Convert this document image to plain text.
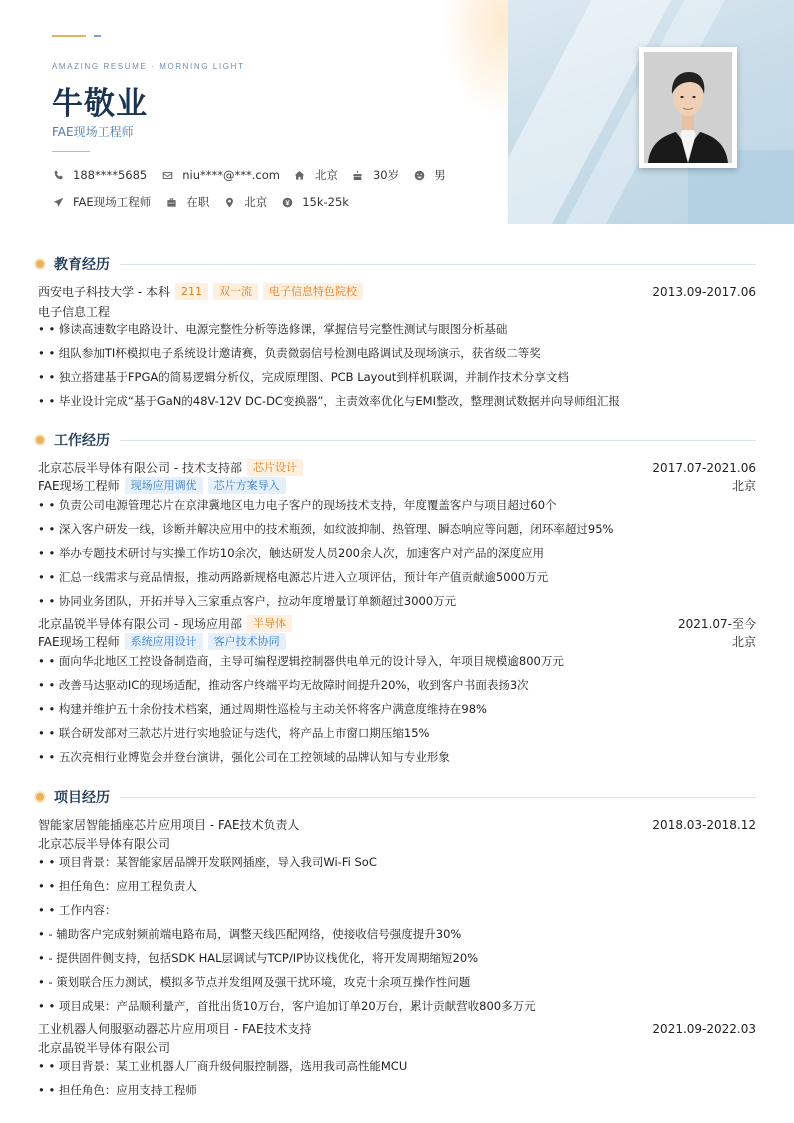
AMAZING RESUME · MORNING LIGHT
牛敬业
FAE现场工程师
188****5685	niu****@***.com	北京	30岁	男
FAE现场工程师	在职	北京	15k-25k
教育经历
西安电子科技大学 - 本科	211	双一流	电子信息特色院校	2013.09-2017.06
电子信息工程
• • 修读高速数字电路设计、电源完整性分析等选修课，掌握信号完整性测试与眼图分析基础
• • 组队参加TI杯模拟电子系统设计邀请赛，负责微弱信号检测电路调试及现场演示，获省级二等奖
• • 独立搭建基于FPGA的简易逻辑分析仪，完成原理图、PCB Layout到样机联调，并制作技术分享文档
• • 毕业设计完成“基于GaN的48V-12V DC-DC变换器”，主责效率优化与EMI整改，整理测试数据并向导师组汇报
工作经历
北京芯辰半导体有限公司 - 技术支持部	芯片设计	2017.07-2021.06
FAE现场工程师	现场应用调优	芯片方案导入	北京
• • 负责公司电源管理芯片在京津冀地区电力电子客户的现场技术支持，年度覆盖客户与项目超过60个
• • 深入客户研发一线，诊断并解决应用中的技术瓶颈，如纹波抑制、热管理、瞬态响应等问题，闭环率超过95%
• • 举办专题技术研讨与实操工作坊10余次，触达研发人员200余人次，加速客户对产品的深度应用
• • 汇总一线需求与竞品情报，推动两路新规格电源芯片进入立项评估，预计年产值贡献逾5000万元
• • 协同业务团队，开拓并导入三家重点客户，拉动年度增量订单额超过3000万元
北京晶锐半导体有限公司 - 现场应用部	半导体	2021.07-至今
FAE现场工程师	系统应用设计	客户技术协同	北京
• • 面向华北地区工控设备制造商，主导可编程逻辑控制器供电单元的设计导入，年项目规模逾800万元
• • 改善马达驱动IC的现场适配，推动客户终端平均无故障时间提升20%，收到客户书面表扬3次
• • 构建并维护五十余份技术档案，通过周期性巡检与主动关怀将客户满意度维持在98%
• • 联合研发部对三款芯片进行实地验证与迭代，将产品上市窗口期压缩15%
• • 五次亮相行业博览会并登台演讲，强化公司在工控领域的品牌认知与专业形象
项目经历
智能家居智能插座芯片应用项目 - FAE技术负责人	2018.03-2018.12
北京芯辰半导体有限公司
• • 项目背景：某智能家居品牌开发联网插座，导入我司Wi-Fi SoC
• • 担任角色：应用工程负责人
• • 工作内容：
• - 辅助客户完成射频前端电路布局，调整天线匹配网络，使接收信号强度提升30%
• - 提供固件侧支持，包括SDK HAL层调试与TCP/IP协议栈优化，将开发周期缩短20%
• - 策划联合压力测试，模拟多节点并发组网及强干扰环境，攻克十余项互操作性问题
• • 项目成果：产品顺利量产，首批出货10万台，客户追加订单20万台，累计贡献营收800多万元
工业机器人伺服驱动器芯片应用项目 - FAE技术支持	2021.09-2022.03
北京晶锐半导体有限公司
• • 项目背景：某工业机器人厂商升级伺服控制器，选用我司高性能MCU
• • 担任角色：应用支持工程师
